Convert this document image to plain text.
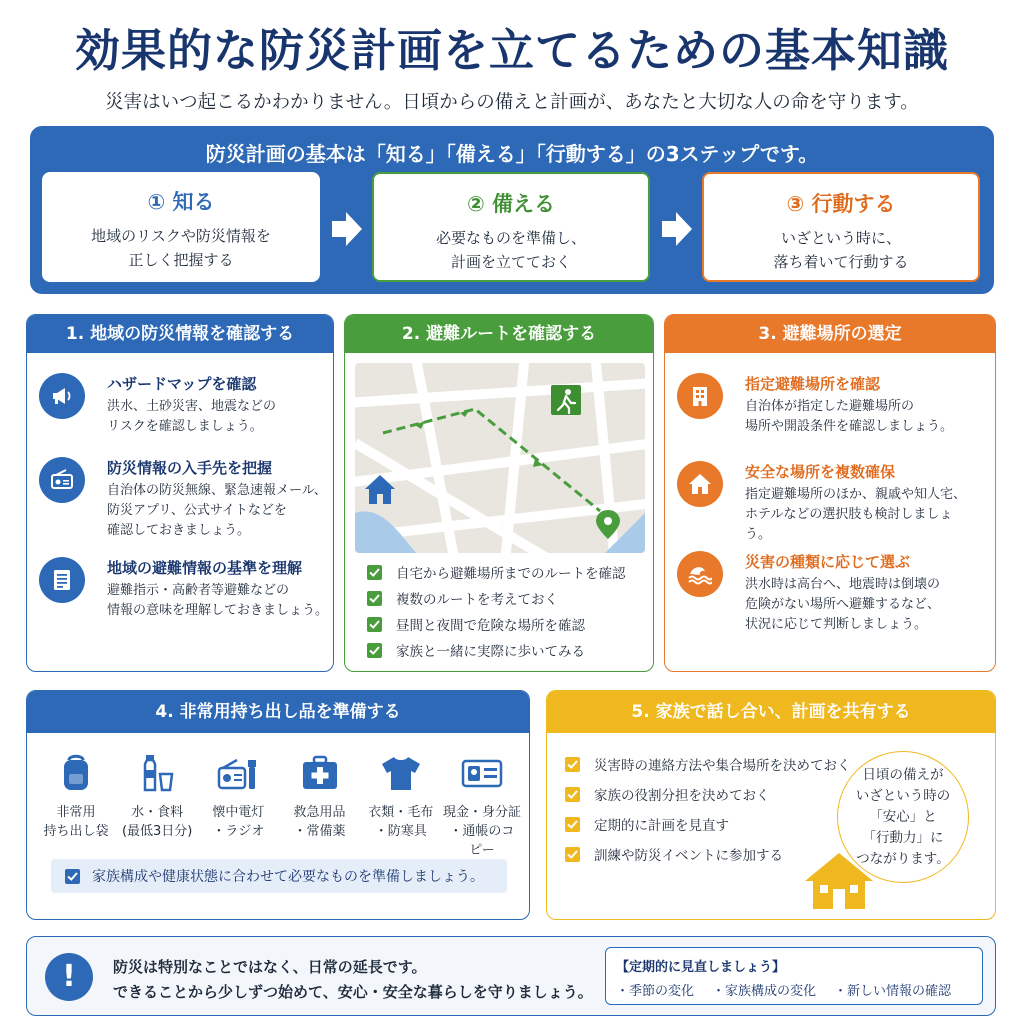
効果的な防災計画を立てるための基本知識
災害はいつ起こるかわかりません。日頃からの備えと計画が、あなたと大切な人の命を守ります。
防災計画の基本は「知る」「備える」「行動する」の3ステップです。
① 知る
地域のリスクや防災情報を
正しく把握する
② 備える
必要なものを準備し、
計画を立てておく
③ 行動する
いざという時に、
落ち着いて行動する
1. 地域の防災情報を確認する
ハザードマップを確認
洪水、土砂災害、地震などの
リスクを確認しましょう。
防災情報の入手先を把握
自治体の防災無線、緊急速報メール、
防災アプリ、公式サイトなどを
確認しておきましょう。
地域の避難情報の基準を理解
避難指示・高齢者等避難などの
情報の意味を理解しておきましょう。
2. 避難ルートを確認する
自宅から避難場所までのルートを確認
複数のルートを考えておく
昼間と夜間で危険な場所を確認
家族と一緒に実際に歩いてみる
3. 避難場所の選定
指定避難場所を確認
自治体が指定した避難場所の
場所や開設条件を確認しましょう。
安全な場所を複数確保
指定避難場所のほか、親戚や知人宅、
ホテルなどの選択肢も検討しましょう。
災害の種類に応じて選ぶ
洪水時は高台へ、地震時は倒壊の
危険がない場所へ避難するなど、
状況に応じて判断しましょう。
4. 非常用持ち出し品を準備する
非常用
持ち出し袋
水・食料
(最低3日分)
懐中電灯
・ラジオ
救急用品
・常備薬
衣類・毛布
・防寒具
現金・身分証
・通帳のコピー
家族構成や健康状態に合わせて必要なものを準備しましょう。
5. 家族で話し合い、計画を共有する
災害時の連絡方法や集合場所を決めておく
家族の役割分担を決めておく
定期的に計画を見直す
訓練や防災イベントに参加する
日頃の備えが
いざという時の
「安心」と
「行動力」に
つながります。
!	防災は特別なことではなく、日常の延長です。
できることから少しずつ始めて、安心・安全な暮らしを守りましょう。
【定期的に見直しましょう】
・季節の変化 ・家族構成の変化 ・新しい情報の確認
